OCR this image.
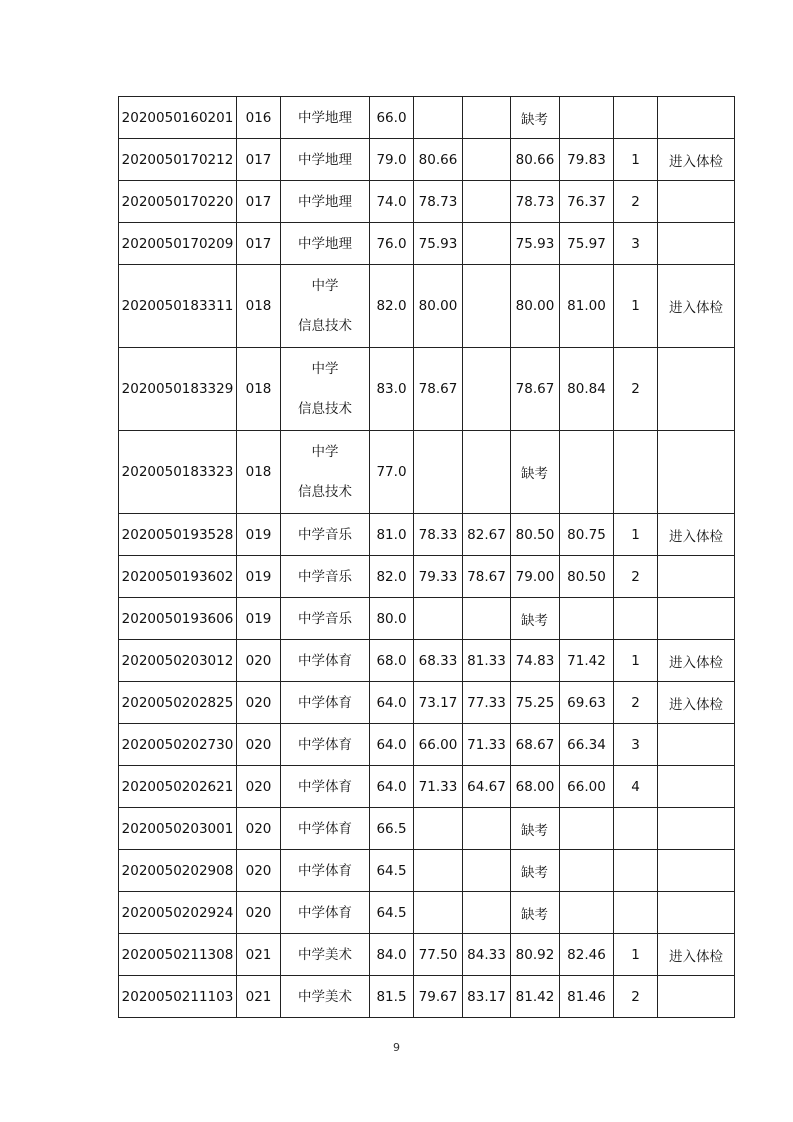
2020050160201	016	中学地理	66.0			缺考			
2020050170212	017	中学地理	79.0	80.66		80.66	79.83	1	进入体检
2020050170220	017	中学地理	74.0	78.73		78.73	76.37	2	
2020050170209	017	中学地理	76.0	75.93		75.93	75.97	3	
2020050183311	018	中学
信息技术	82.0	80.00		80.00	81.00	1	进入体检
2020050183329	018	中学
信息技术	83.0	78.67		78.67	80.84	2	
2020050183323	018	中学
信息技术	77.0			缺考			
2020050193528	019	中学音乐	81.0	78.33	82.67	80.50	80.75	1	进入体检
2020050193602	019	中学音乐	82.0	79.33	78.67	79.00	80.50	2	
2020050193606	019	中学音乐	80.0			缺考			
2020050203012	020	中学体育	68.0	68.33	81.33	74.83	71.42	1	进入体检
2020050202825	020	中学体育	64.0	73.17	77.33	75.25	69.63	2	进入体检
2020050202730	020	中学体育	64.0	66.00	71.33	68.67	66.34	3	
2020050202621	020	中学体育	64.0	71.33	64.67	68.00	66.00	4	
2020050203001	020	中学体育	66.5			缺考			
2020050202908	020	中学体育	64.5			缺考			
2020050202924	020	中学体育	64.5			缺考			
2020050211308	021	中学美术	84.0	77.50	84.33	80.92	82.46	1	进入体检
2020050211103	021	中学美术	81.5	79.67	83.17	81.42	81.46	2	
9
